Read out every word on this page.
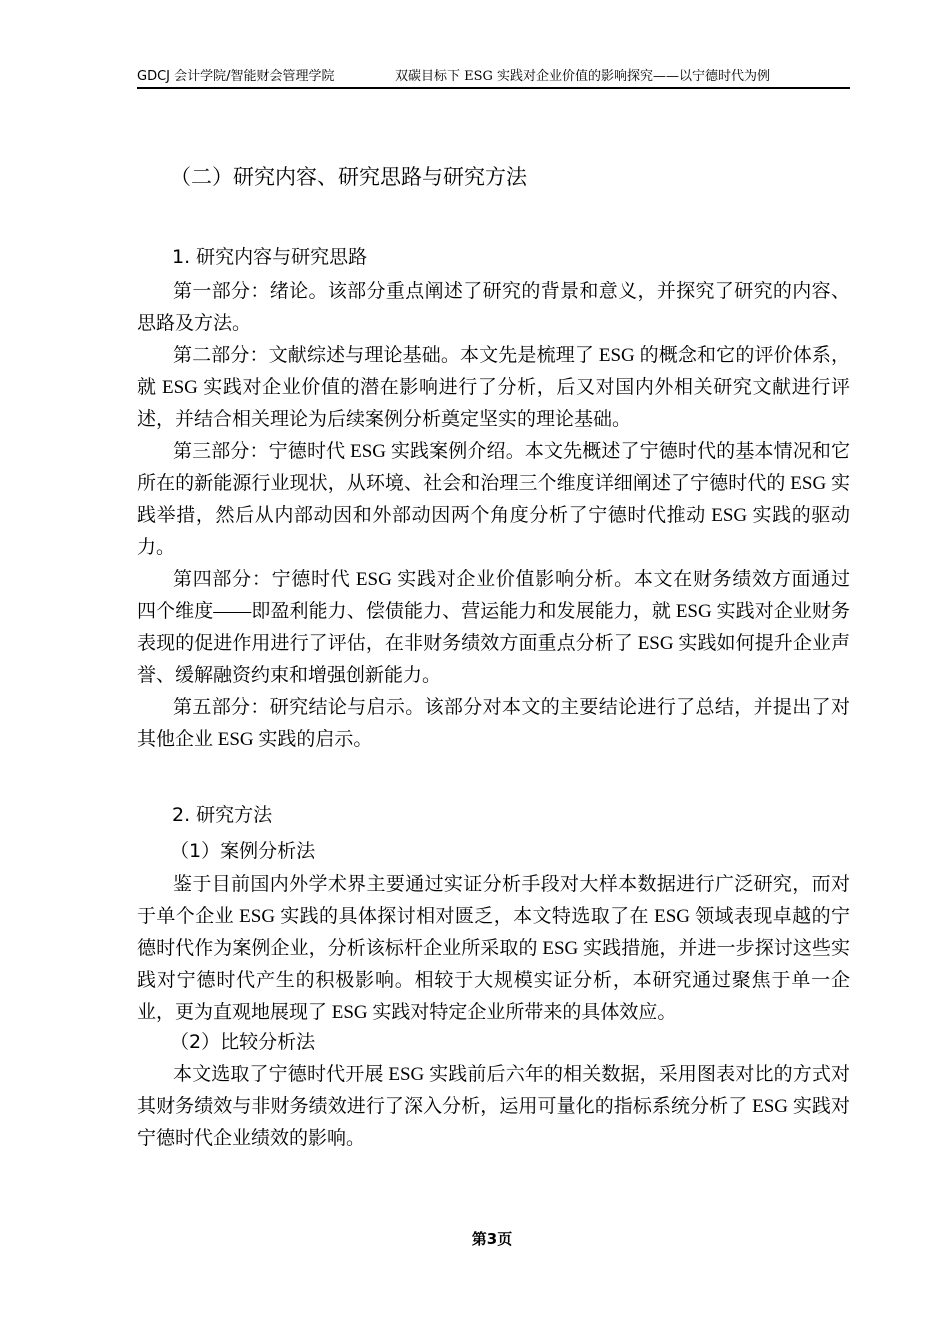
GDCJ 会计学院/智能财会管理学院	双碳目标下 ESG 实践对企业价值的影响探究——以宁德时代为例
（二）研究内容、研究思路与研究方法
1. 研究内容与研究思路
第一部分：绪论。该部分重点阐述了研究的背景和意义，并探究了研究的内容、
思路及方法。
第二部分：文献综述与理论基础。本文先是梳理了 ESG 的概念和它的评价体系，
就 ESG 实践对企业价值的潜在影响进行了分析，后又对国内外相关研究文献进行评
述，并结合相关理论为后续案例分析奠定坚实的理论基础。
第三部分：宁德时代 ESG 实践案例介绍。本文先概述了宁德时代的基本情况和它
所在的新能源行业现状，从环境、社会和治理三个维度详细阐述了宁德时代的 ESG 实
践举措，然后从内部动因和外部动因两个角度分析了宁德时代推动 ESG 实践的驱动
力。
第四部分：宁德时代 ESG 实践对企业价值影响分析。本文在财务绩效方面通过
四个维度——即盈利能力、偿债能力、营运能力和发展能力，就 ESG 实践对企业财务
表现的促进作用进行了评估，在非财务绩效方面重点分析了 ESG 实践如何提升企业声
誉、缓解融资约束和增强创新能力。
第五部分：研究结论与启示。该部分对本文的主要结论进行了总结，并提出了对
其他企业 ESG 实践的启示。
2. 研究方法
（1）案例分析法
鉴于目前国内外学术界主要通过实证分析手段对大样本数据进行广泛研究，而对
于单个企业 ESG 实践的具体探讨相对匮乏，本文特选取了在 ESG 领域表现卓越的宁
德时代作为案例企业，分析该标杆企业所采取的 ESG 实践措施，并进一步探讨这些实
践对宁德时代产生的积极影响。相较于大规模实证分析，本研究通过聚焦于单一企
业，更为直观地展现了 ESG 实践对特定企业所带来的具体效应。
（2）比较分析法
本文选取了宁德时代开展 ESG 实践前后六年的相关数据，采用图表对比的方式对
其财务绩效与非财务绩效进行了深入分析，运用可量化的指标系统分析了 ESG 实践对
宁德时代企业绩效的影响。
第3页
